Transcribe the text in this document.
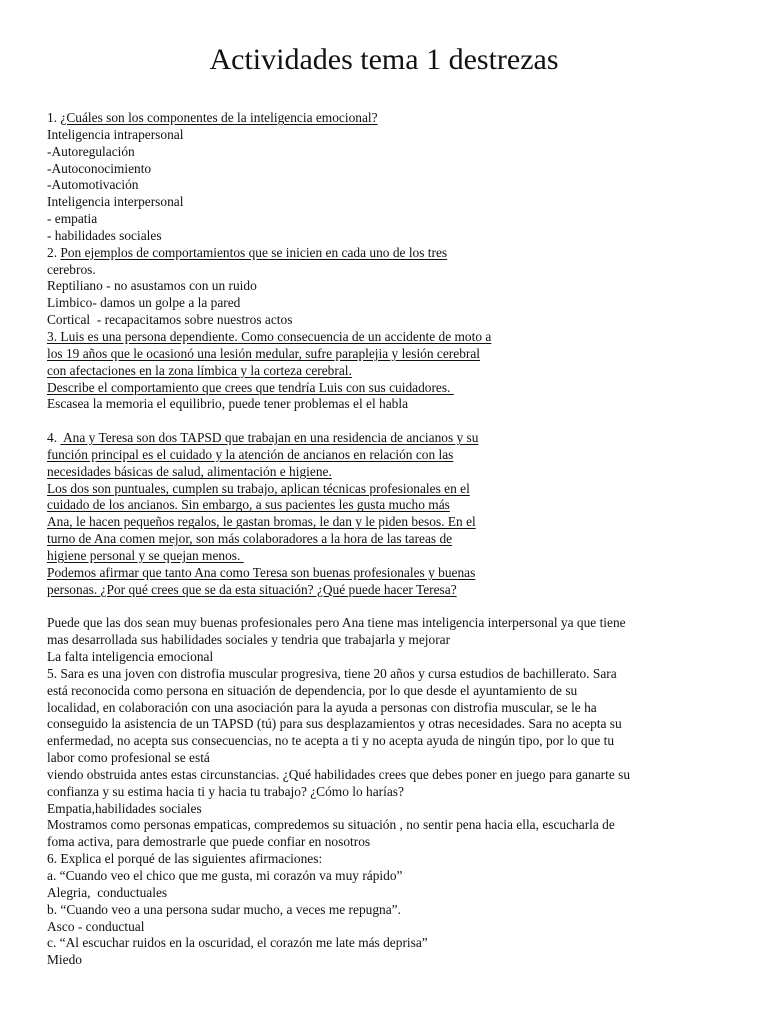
Actividades tema 1 destrezas
1. ¿Cuáles son los componentes de la inteligencia emocional?
Inteligencia intrapersonal
-Autoregulación
-Autoconocimiento
-Automotivación
Inteligencia interpersonal
- empatia
- habilidades sociales
2. Pon ejemplos de comportamientos que se inicien en cada uno de los tres
cerebros.
Reptiliano - no asustamos con un ruido
Limbico- damos un golpe a la pared
Cortical  - recapacitamos sobre nuestros actos
3. Luis es una persona dependiente. Como consecuencia de un accidente de moto a
los 19 años que le ocasionó una lesión medular, sufre paraplejia y lesión cerebral
con afectaciones en la zona límbica y la corteza cerebral.
Describe el comportamiento que crees que tendría Luis con sus cuidadores.
Escasea la memoria el equilibrio, puede tener problemas el el habla
4.  Ana y Teresa son dos TAPSD que trabajan en una residencia de ancianos y su
función principal es el cuidado y la atención de ancianos en relación con las
necesidades básicas de salud, alimentación e higiene.
Los dos son puntuales, cumplen su trabajo, aplican técnicas profesionales en el
cuidado de los ancianos. Sin embargo, a sus pacientes les gusta mucho más
Ana, le hacen pequeños regalos, le gastan bromas, le dan y le piden besos. En el
turno de Ana comen mejor, son más colaboradores a la hora de las tareas de
higiene personal y se quejan menos.
Podemos afirmar que tanto Ana como Teresa son buenas profesionales y buenas
personas. ¿Por qué crees que se da esta situación? ¿Qué puede hacer Teresa?
Puede que las dos sean muy buenas profesionales pero Ana tiene mas inteligencia interpersonal ya que tiene
mas desarrollada sus habilidades sociales y tendria que trabajarla y mejorar
La falta inteligencia emocional
5. Sara es una joven con distrofia muscular progresiva, tiene 20 años y cursa estudios de bachillerato. Sara
está reconocida como persona en situación de dependencia, por lo que desde el ayuntamiento de su
localidad, en colaboración con una asociación para la ayuda a personas con distrofia muscular, se le ha
conseguido la asistencia de un TAPSD (tú) para sus desplazamientos y otras necesidades. Sara no acepta su
enfermedad, no acepta sus consecuencias, no te acepta a ti y no acepta ayuda de ningún tipo, por lo que tu
labor como profesional se está
viendo obstruida antes estas circunstancias. ¿Qué habilidades crees que debes poner en juego para ganarte su
confianza y su estima hacia ti y hacia tu trabajo? ¿Cómo lo harías?
Empatia,habilidades sociales
Mostramos como personas empaticas, compredemos su situación , no sentir pena hacia ella, escucharla de
foma activa, para demostrarle que puede confiar en nosotros
6. Explica el porqué de las siguientes afirmaciones:
a. “Cuando veo el chico que me gusta, mi corazón va muy rápido”
Alegria,  conductuales
b. “Cuando veo a una persona sudar mucho, a veces me repugna”.
Asco - conductual
c. “Al escuchar ruidos en la oscuridad, el corazón me late más deprisa”
Miedo
